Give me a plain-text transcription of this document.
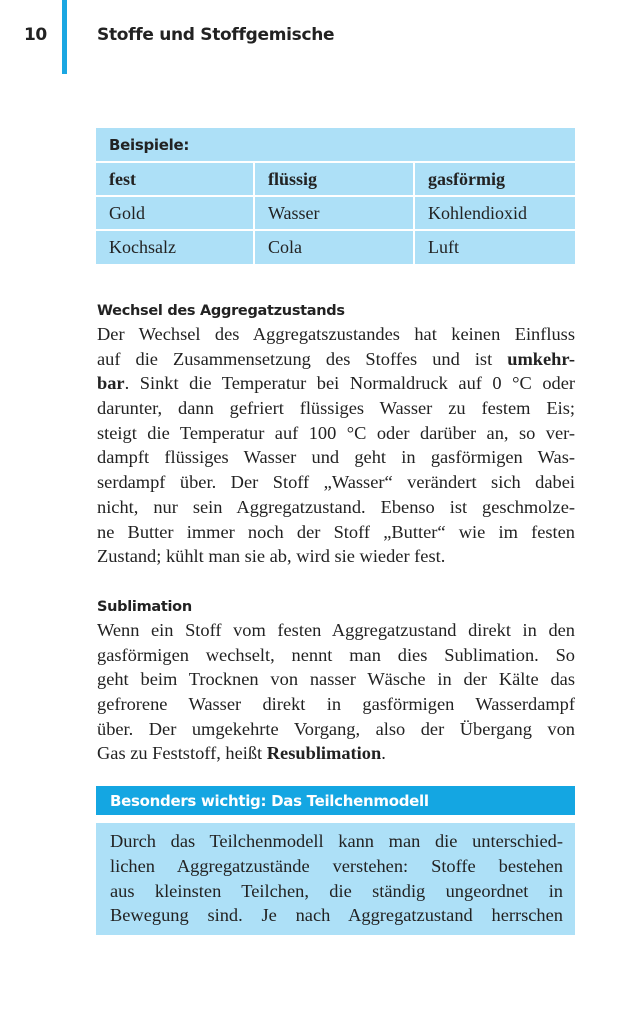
10	Stoffe und Stoffgemische
Beispiele:
fest	flüssig	gasförmig
Gold	Wasser	Kohlendioxid
Kochsalz	Cola	Luft
Wechsel des Aggregatzustands
Der Wechsel des Aggregatszustandes hat keinen Einfluss
auf die Zusammensetzung des Stoffes und ist umkehr-
bar. Sinkt die Temperatur bei Normaldruck auf 0 °C oder
darunter, dann gefriert flüssiges Wasser zu festem Eis;
steigt die Temperatur auf 100 °C oder darüber an, so ver-
dampft flüssiges Wasser und geht in gasförmigen Was-
serdampf über. Der Stoff „Wasser“ verändert sich dabei
nicht, nur sein Aggregatzustand. Ebenso ist geschmolze-
ne Butter immer noch der Stoff „Butter“ wie im festen
Zustand; kühlt man sie ab, wird sie wieder fest.
Sublimation
Wenn ein Stoff vom festen Aggregatzustand direkt in den
gasförmigen wechselt, nennt man dies Sublimation. So
geht beim Trocknen von nasser Wäsche in der Kälte das
gefrorene Wasser direkt in gasförmigen Wasserdampf
über. Der umgekehrte Vorgang, also der Übergang von
Gas zu Feststoff, heißt Resublimation.
Besonders wichtig: Das Teilchenmodell
Durch das Teilchenmodell kann man die unterschied-
lichen Aggregatzustände verstehen: Stoffe bestehen
aus kleinsten Teilchen, die ständig ungeordnet in
Bewegung sind. Je nach Aggregatzustand herrschen
